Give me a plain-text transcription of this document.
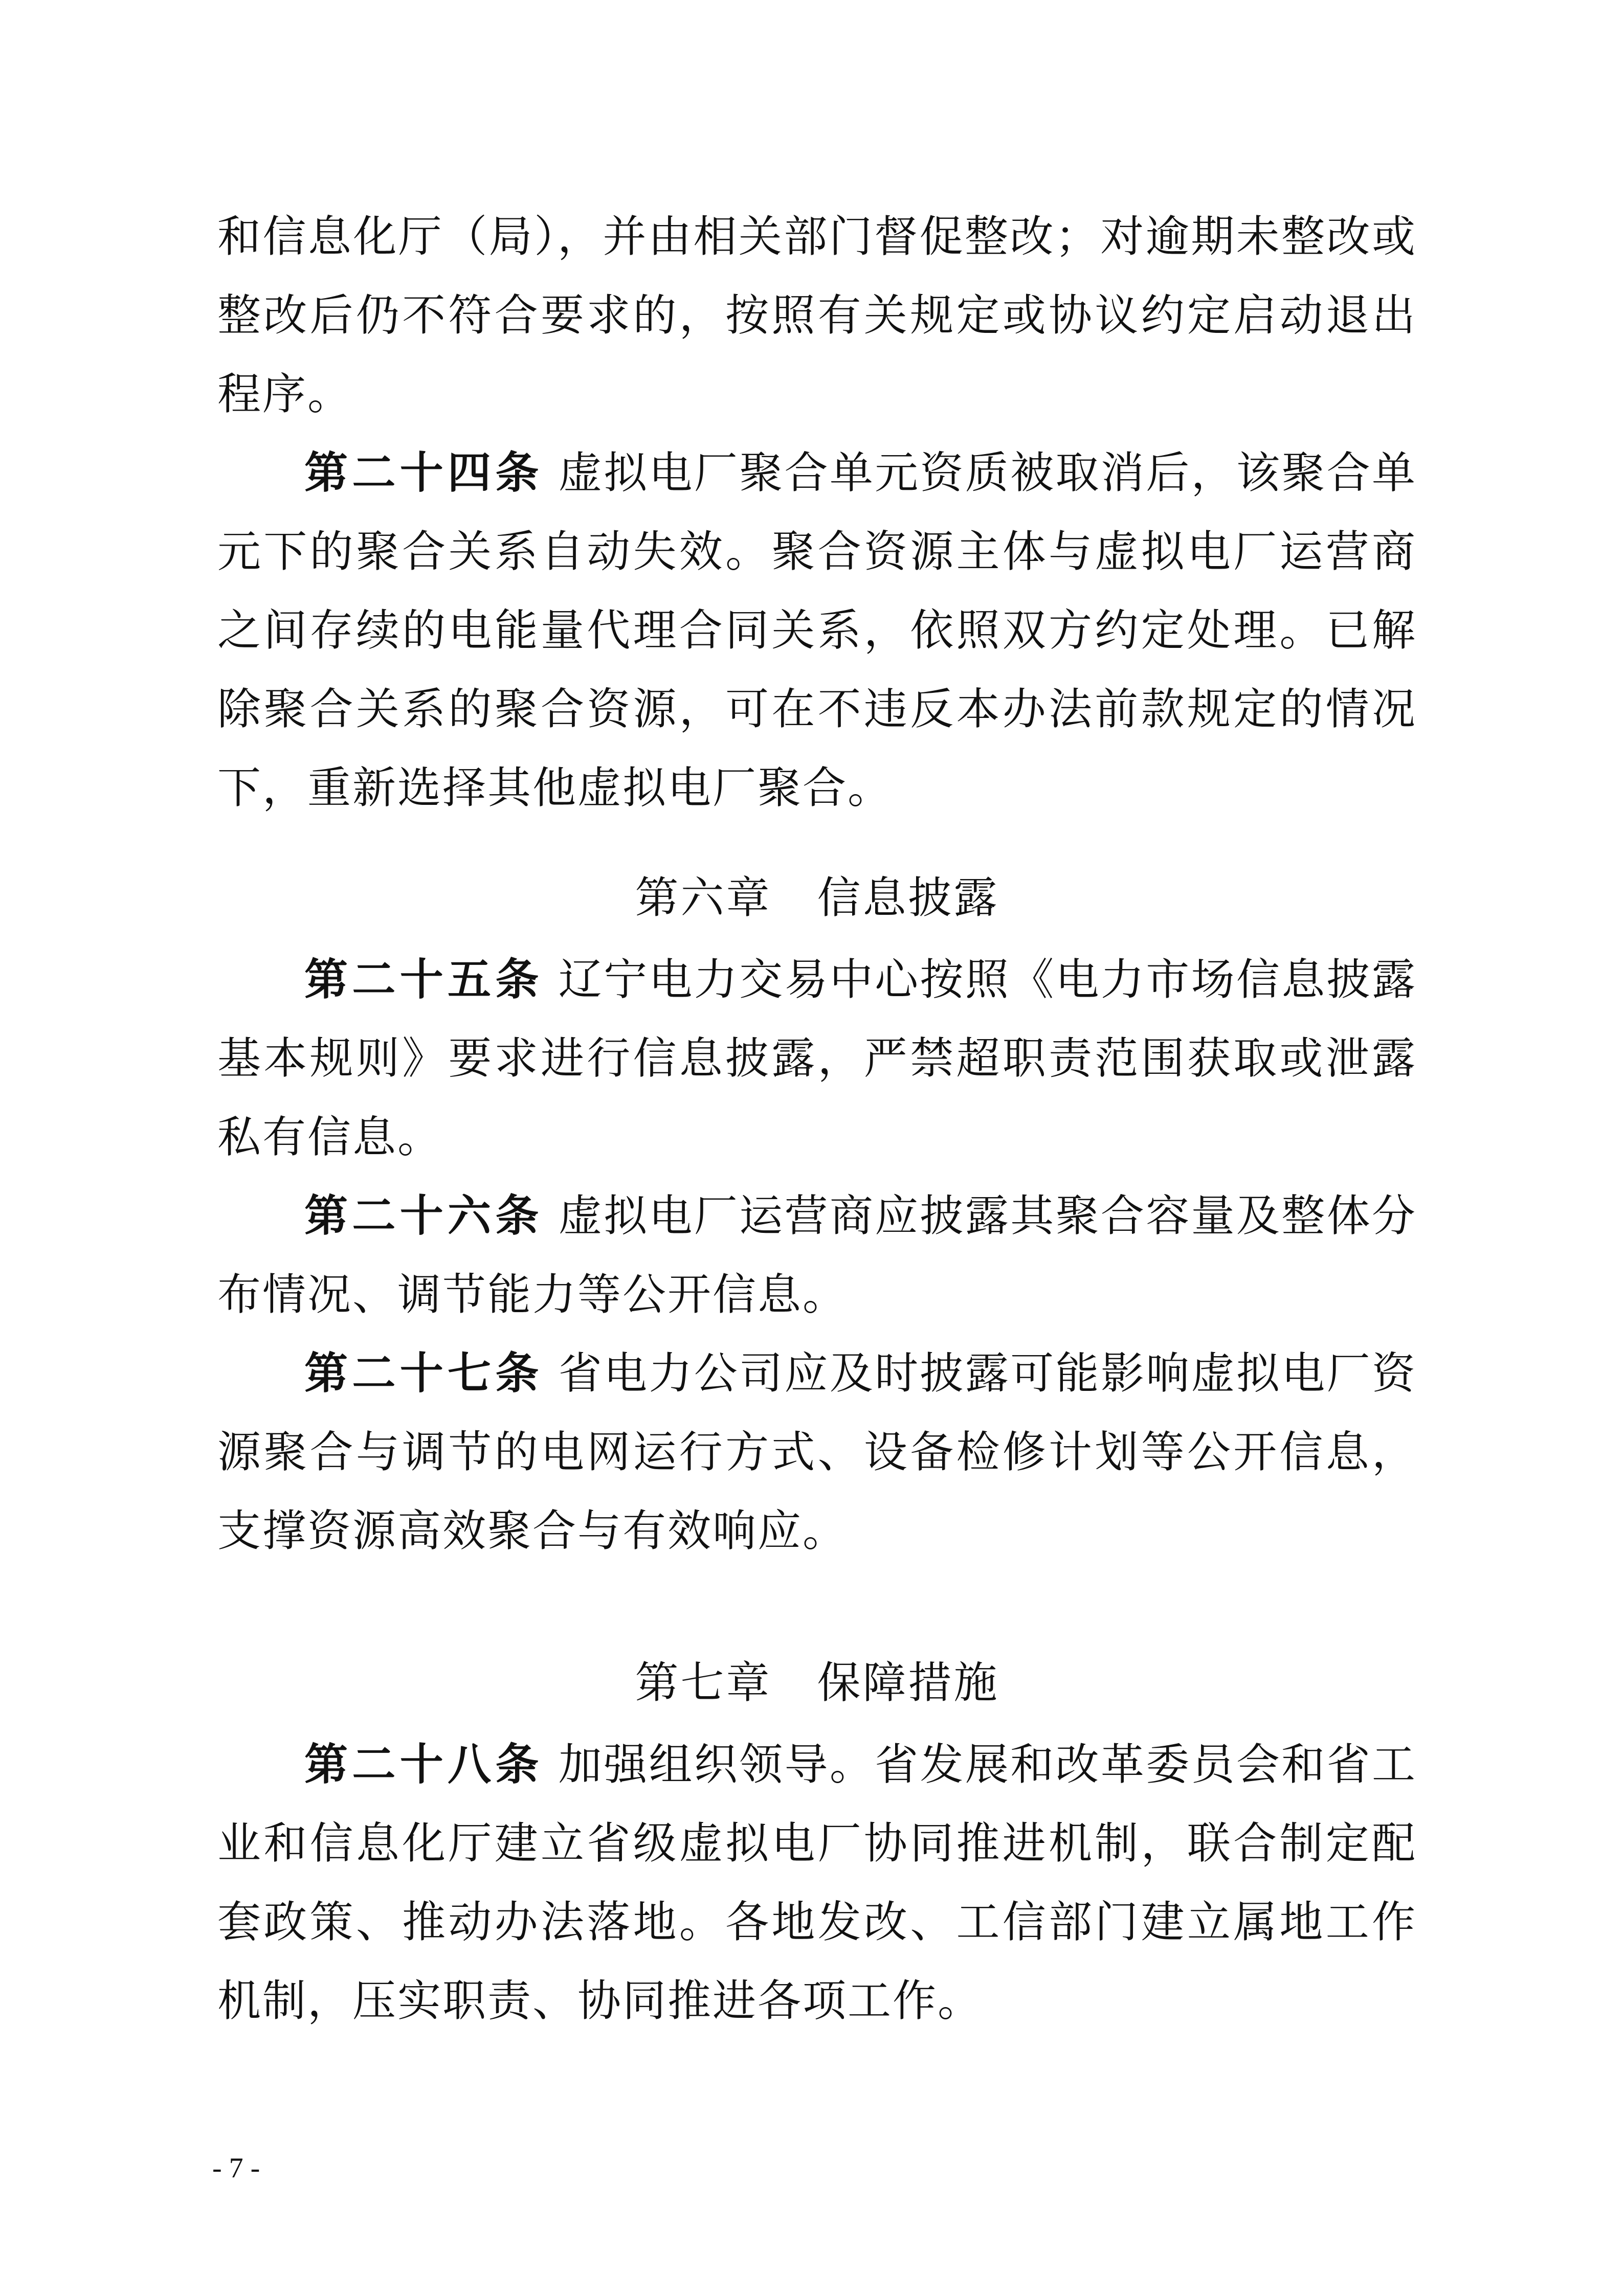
和信息化厅（局），并由相关部门督促整改；对逾期未整改或整改后仍不符合要求的，按照有关规定或协议约定启动退出程序。

第二十四条 虚拟电厂聚合单元资质被取消后，该聚合单元下的聚合关系自动失效。聚合资源主体与虚拟电厂运营商之间存续的电能量代理合同关系，依照双方约定处理。已解除聚合关系的聚合资源，可在不违反本办法前款规定的情况下，重新选择其他虚拟电厂聚合。

第六章　信息披露

第二十五条 辽宁电力交易中心按照《电力市场信息披露基本规则》要求进行信息披露，严禁超职责范围获取或泄露私有信息。

第二十六条 虚拟电厂运营商应披露其聚合容量及整体分布情况、调节能力等公开信息。

第二十七条 省电力公司应及时披露可能影响虚拟电厂资源聚合与调节的电网运行方式、设备检修计划等公开信息，支撑资源高效聚合与有效响应。

第七章　保障措施

第二十八条 加强组织领导。省发展和改革委员会和省工业和信息化厅建立省级虚拟电厂协同推进机制，联合制定配套政策、推动办法落地。各地发改、工信部门建立属地工作机制，压实职责、协同推进各项工作。

- 7 -
